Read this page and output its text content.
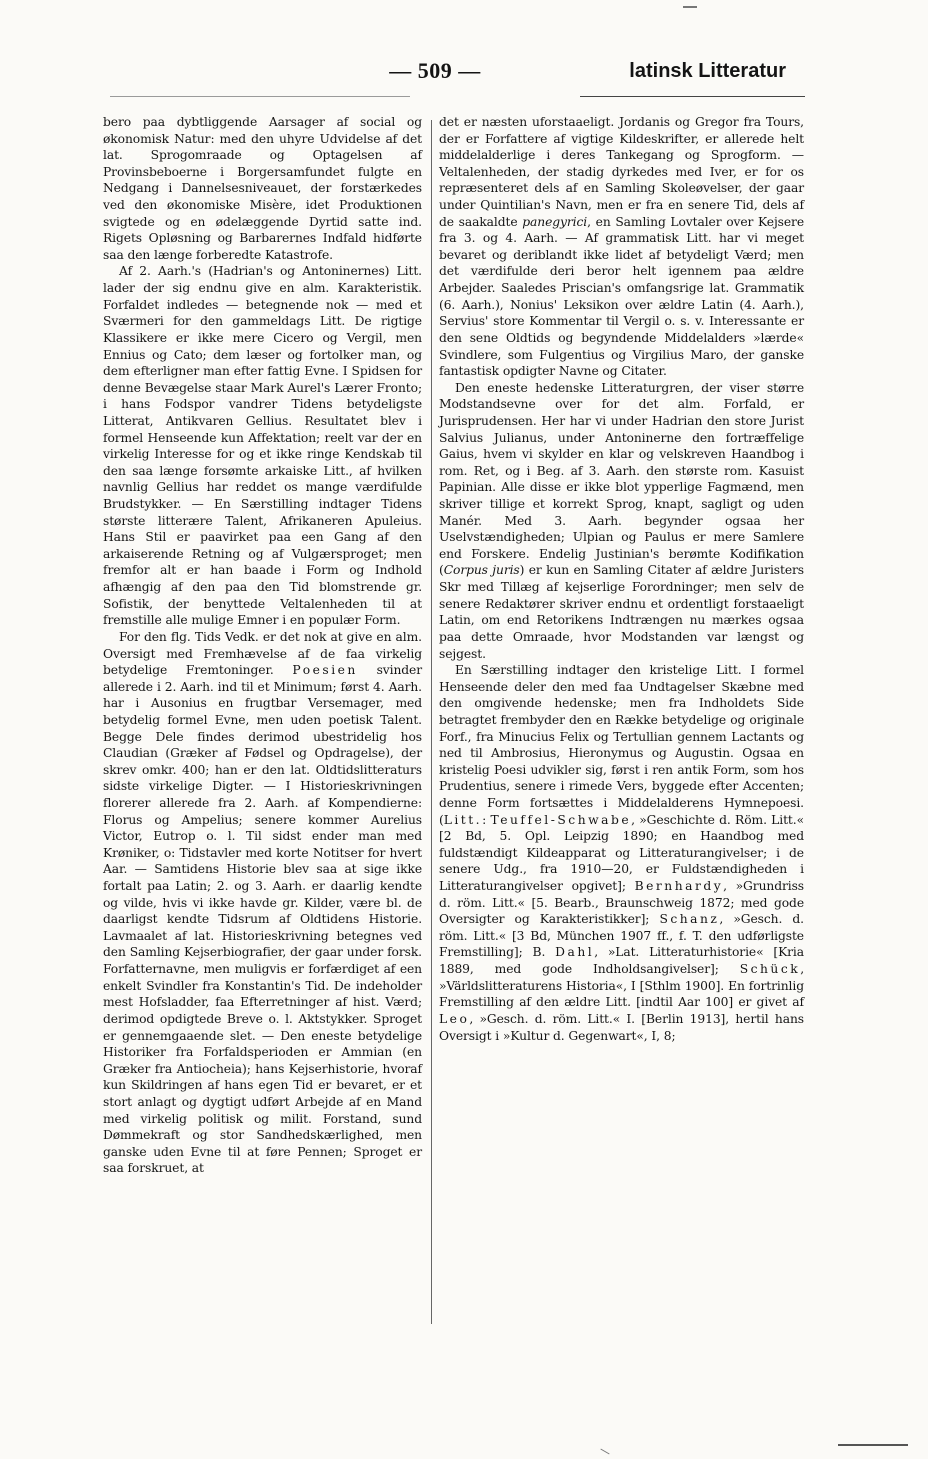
— 509 —	latinsk Litteratur

bero paa dybtliggende Aarsager af social og økonomisk Natur: med den uhyre Udvidelse af det lat. Sprogomraade og Optagelsen af Provinsbeboerne i Borgersamfundet fulgte en Nedgang i Dannelsesniveauet, der forstærkedes ved den økonomiske Misère, idet Produktionen svigtede og en ødelæggende Dyrtid satte ind. Rigets Opløsning og Barbarernes Indfald hidførte saa den længe forberedte Katastrofe.

Af 2. Aarh.'s (Hadrian's og Antoninernes) Litt. lader der sig endnu give en alm. Karakteristik. Forfaldet indledes — betegnende nok — med et Sværmeri for den gammeldags Litt. De rigtige Klassikere er ikke mere Cicero og Vergil, men Ennius og Cato; dem læser og fortolker man, og dem efterligner man efter fattig Evne. I Spidsen for denne Bevægelse staar Mark Aurel's Lærer Fronto; i hans Fodspor vandrer Tidens betydeligste Litterat, Antikvaren Gellius. Resultatet blev i formel Henseende kun Affektation; reelt var der en virkelig Interesse for og et ikke ringe Kendskab til den saa længe forsømte arkaiske Litt., af hvilken navnlig Gellius har reddet os mange værdifulde Brudstykker. — En Særstilling indtager Tidens største litterære Talent, Afrikaneren Apuleius. Hans Stil er paavirket paa een Gang af den arkaiserende Retning og af Vulgærsproget; men fremfor alt er han baade i Form og Indhold afhængig af den paa den Tid blomstrende gr. Sofistik, der benyttede Veltalenheden til at fremstille alle mulige Emner i en populær Form.

For den flg. Tids Vedk. er det nok at give en alm. Oversigt med Fremhævelse af de faa virkelig betydelige Fremtoninger. Poesien svinder allerede i 2. Aarh. ind til et Minimum; først 4. Aarh. har i Ausonius en frugtbar Versemager, med betydelig formel Evne, men uden poetisk Talent. Begge Dele findes derimod ubestridelig hos Claudian (Græker af Fødsel og Opdragelse), der skrev omkr. 400; han er den lat. Oldtidslitteraturs sidste virkelige Digter. — I Historieskrivningen florerer allerede fra 2. Aarh. af Kompendierne: Florus og Ampelius; senere kommer Aurelius Victor, Eutrop o. l. Til sidst ender man med Krøniker, o: Tidstavler med korte Notitser for hvert Aar. — Samtidens Historie blev saa at sige ikke fortalt paa Latin; 2. og 3. Aarh. er daarlig kendte og vilde, hvis vi ikke havde gr. Kilder, være bl. de daarligst kendte Tidsrum af Oldtidens Historie. Lavmaalet af lat. Historieskrivning betegnes ved den Samling Kejserbiografier, der gaar under forsk. Forfatternavne, men muligvis er forfærdiget af een enkelt Svindler fra Konstantin's Tid. De indeholder mest Hofsladder, faa Efterretninger af hist. Værd; derimod opdigtede Breve o. l. Aktstykker. Sproget er gennemgaaende slet. — Den eneste betydelige Historiker fra Forfaldsperioden er Ammian (en Græker fra Antiocheia); hans Kejserhistorie, hvoraf kun Skildringen af hans egen Tid er bevaret, er et stort anlagt og dygtigt udført Arbejde af en Mand med virkelig politisk og milit. Forstand, sund Dømmekraft og stor Sandhedskærlighed, men ganske uden Evne til at føre Pennen; Sproget er saa forskruet, at

det er næsten uforstaaeligt. Jordanis og Gregor fra Tours, der er Forfattere af vigtige Kildeskrifter, er allerede helt middelalderlige i deres Tankegang og Sprogform. — Veltalenheden, der stadig dyrkedes med Iver, er for os repræsenteret dels af en Samling Skoleøvelser, der gaar under Quintilian's Navn, men er fra en senere Tid, dels af de saakaldte panegyrici, en Samling Lovtaler over Kejsere fra 3. og 4. Aarh. — Af grammatisk Litt. har vi meget bevaret og deriblandt ikke lidet af betydeligt Værd; men det værdifulde deri beror helt igennem paa ældre Arbejder. Saaledes Priscian's omfangsrige lat. Grammatik (6. Aarh.), Nonius' Leksikon over ældre Latin (4. Aarh.), Servius' store Kommentar til Vergil o. s. v. Interessante er den sene Oldtids og begyndende Middelalders »lærde« Svindlere, som Fulgentius og Virgilius Maro, der ganske fantastisk opdigter Navne og Citater.

Den eneste hedenske Litteraturgren, der viser større Modstandsevne over for det alm. Forfald, er Jurisprudensen. Her har vi under Hadrian den store Jurist Salvius Julianus, under Antoninerne den fortræffelige Gaius, hvem vi skylder en klar og velskreven Haandbog i rom. Ret, og i Beg. af 3. Aarh. den største rom. Kasuist Papinian. Alle disse er ikke blot ypperlige Fagmænd, men skriver tillige et korrekt Sprog, knapt, sagligt og uden Manér. Med 3. Aarh. begynder ogsaa her Uselvstændigheden; Ulpian og Paulus er mere Samlere end Forskere. Endelig Justinian's berømte Kodifikation (Corpus juris) er kun en Samling Citater af ældre Juristers Skr med Tillæg af kejserlige Forordninger; men selv de senere Redaktører skriver endnu et ordentligt forstaaeligt Latin, om end Retorikens Indtrængen nu mærkes ogsaa paa dette Omraade, hvor Modstanden var længst og sejgest.

En Særstilling indtager den kristelige Litt. I formel Henseende deler den med faa Undtagelser Skæbne med den omgivende hedenske; men fra Indholdets Side betragtet frembyder den en Række betydelige og originale Forf., fra Minucius Felix og Tertullian gennem Lactants og ned til Ambrosius, Hieronymus og Augustin. Ogsaa en kristelig Poesi udvikler sig, først i ren antik Form, som hos Prudentius, senere i rimede Vers, byggede efter Accenten; denne Form fortsættes i Middelalderens Hymnepoesi. (Litt.: Teuffel-Schwabe, »Geschichte d. Röm. Litt.« [2 Bd, 5. Opl. Leipzig 1890; en Haandbog med fuldstændigt Kildeapparat og Litteraturangivelser; i de senere Udg., fra 1910—20, er Fuldstændigheden i Litteraturangivelser opgivet]; Bernhardy, »Grundriss d. röm. Litt.« [5. Bearb., Braunschweig 1872; med gode Oversigter og Karakteristikker]; Schanz, »Gesch. d. röm. Litt.« [3 Bd, München 1907 ff., f. T. den udførligste Fremstilling]; B. Dahl, »Lat. Litteraturhistorie« [Kria 1889, med gode Indholdsangivelser]; Schück, »Världslitteraturens Historia«, I [Sthlm 1900]. En fortrinlig Fremstilling af den ældre Litt. [indtil Aar 100] er givet af Leo, »Gesch. d. röm. Litt.« I. [Berlin 1913], hertil hans Oversigt i »Kultur d. Gegenwart«, I, 8;
